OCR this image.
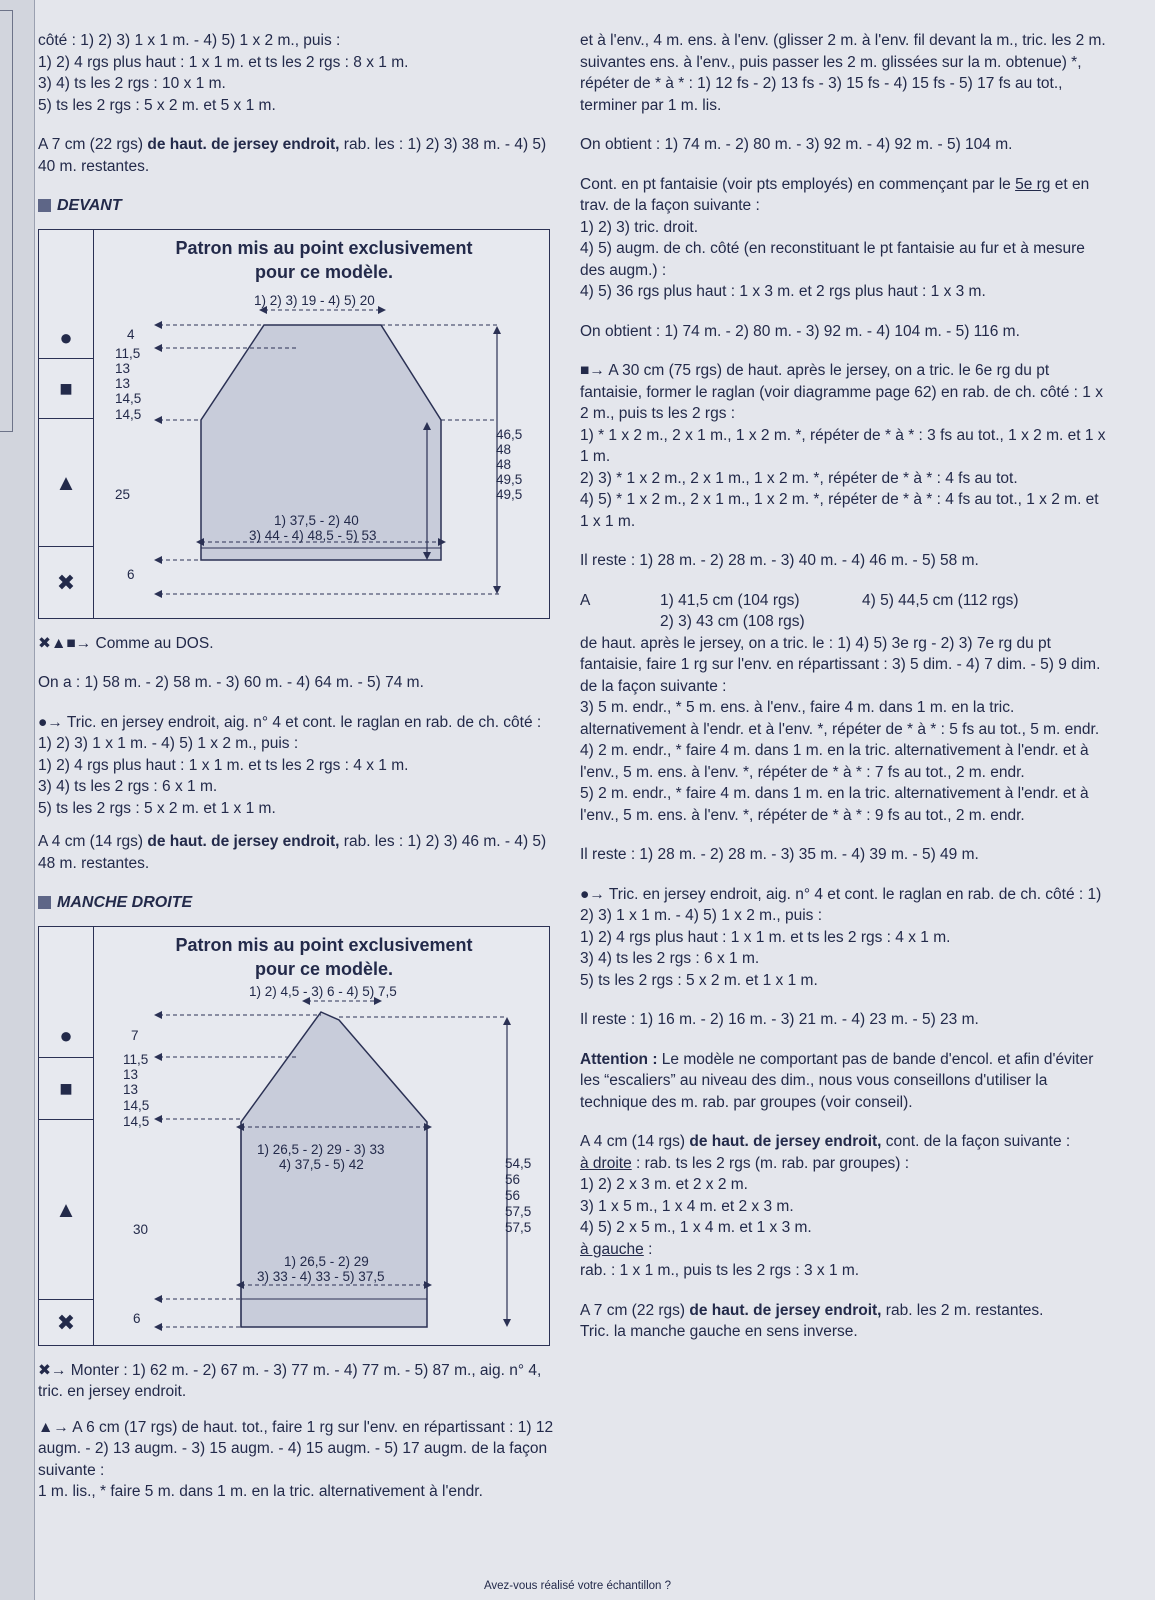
côté : 1) 2) 3) 1 x 1 m. - 4) 5) 1 x 2 m., puis :
1) 2) 4 rgs plus haut : 1 x 1 m. et ts les 2 rgs : 8 x 1 m.
3) 4) ts les 2 rgs : 10 x 1 m.
5) ts les 2 rgs : 5 x 2 m. et 5 x 1 m.

A 7 cm (22 rgs) de haut. de jersey endroit, rab. les : 1) 2) 3) 38 m. - 4) 5) 40 m. restantes.

DEVANT
●
■
▲
✖
Patron mis au point exclusivement
pour ce modèle.
1) 2) 3) 19 - 4) 5) 20
4
11,5
13
13
14,5
14,5
25
6
46,5
48
48
49,5
49,5
1) 37,5 - 2) 40
3) 44 - 4) 48,5 - 5) 53

✖▲■→ Comme au DOS.

On a : 1) 58 m. - 2) 58 m. - 3) 60 m. - 4) 64 m. - 5) 74 m.

●→ Tric. en jersey endroit, aig. n° 4 et cont. le raglan en rab. de ch. côté : 1) 2) 3) 1 x 1 m. - 4) 5) 1 x 2 m., puis :
1) 2) 4 rgs plus haut : 1 x 1 m. et ts les 2 rgs : 4 x 1 m.
3) 4) ts les 2 rgs : 6 x 1 m.
5) ts les 2 rgs : 5 x 2 m. et 1 x 1 m.

A 4 cm (14 rgs) de haut. de jersey endroit, rab. les : 1) 2) 3) 46 m. - 4) 5) 48 m. restantes.

MANCHE DROITE
●
■
▲
✖
Patron mis au point exclusivement
pour ce modèle.
1) 2) 4,5 - 3) 6 - 4) 5) 7,5
7
11,5
13
13
14,5
14,5
30
6
54,5
56
56
57,5
57,5
1) 26,5 - 2) 29 - 3) 33
4) 37,5 - 5) 42
1) 26,5 - 2) 29
3) 33 - 4) 33 - 5) 37,5
✖→ Monter : 1) 62 m. - 2) 67 m. - 3) 77 m. - 4) 77 m. - 5) 87 m., aig. n° 4, tric. en jersey endroit.
▲→ A 6 cm (17 rgs) de haut. tot., faire 1 rg sur l'env. en répartissant : 1) 12 augm. - 2) 13 augm. - 3) 15 augm. - 4) 15 augm. - 5) 17 augm. de la façon suivante :
1 m. lis., * faire 5 m. dans 1 m. en la tric. alternativement à l'endr.

et à l'env., 4 m. ens. à l'env. (glisser 2 m. à l'env. fil devant la m., tric. les 2 m. suivantes ens. à l'env., puis passer les 2 m. glissées sur la m. obtenue) *, répéter de * à * : 1) 12 fs - 2) 13 fs - 3) 15 fs - 4) 15 fs - 5) 17 fs au tot., terminer par 1 m. lis.

On obtient : 1) 74 m. - 2) 80 m. - 3) 92 m. - 4) 92 m. - 5) 104 m.

Cont. en pt fantaisie (voir pts employés) en commençant par le 5e rg et en trav. de la façon suivante :
1) 2) 3) tric. droit.
4) 5) augm. de ch. côté (en reconstituant le pt fantaisie au fur et à mesure des augm.) :
4) 5) 36 rgs plus haut : 1 x 3 m. et 2 rgs plus haut : 1 x 3 m.

On obtient : 1) 74 m. - 2) 80 m. - 3) 92 m. - 4) 104 m. - 5) 116 m.

■→ A 30 cm (75 rgs) de haut. après le jersey, on a tric. le 6e rg du pt fantaisie, former le raglan (voir diagramme page 62) en rab. de ch. côté : 1 x 2 m., puis ts les 2 rgs :
1) * 1 x 2 m., 2 x 1 m., 1 x 2 m. *, répéter de * à * : 3 fs au tot., 1 x 2 m. et 1 x 1 m.
2) 3) * 1 x 2 m., 2 x 1 m., 1 x 2 m. *, répéter de * à * : 4 fs au tot.
4) 5) * 1 x 2 m., 2 x 1 m., 1 x 2 m. *, répéter de * à * : 4 fs au tot., 1 x 2 m. et 1 x 1 m.

Il reste : 1) 28 m. - 2) 28 m. - 3) 40 m. - 4) 46 m. - 5) 58 m.

A	1) 41,5 cm (104 rgs)	4) 5) 44,5 cm (112 rgs)
2) 3) 43 cm (108 rgs)
de haut. après le jersey, on a tric. le : 1) 4) 5) 3e rg - 2) 3) 7e rg du pt fantaisie, faire 1 rg sur l'env. en répartissant : 3) 5 dim. - 4) 7 dim. - 5) 9 dim. de la façon suivante :
3) 5 m. endr., * 5 m. ens. à l'env., faire 4 m. dans 1 m. en la tric. alternativement à l'endr. et à l'env. *, répéter de * à * : 5 fs au tot., 5 m. endr.
4) 2 m. endr., * faire 4 m. dans 1 m. en la tric. alternativement à l'endr. et à l'env., 5 m. ens. à l'env. *, répéter de * à * : 7 fs au tot., 2 m. endr.
5) 2 m. endr., * faire 4 m. dans 1 m. en la tric. alternativement à l'endr. et à l'env., 5 m. ens. à l'env. *, répéter de * à * : 9 fs au tot., 2 m. endr.

Il reste : 1) 28 m. - 2) 28 m. - 3) 35 m. - 4) 39 m. - 5) 49 m.

●→ Tric. en jersey endroit, aig. n° 4 et cont. le raglan en rab. de ch. côté : 1) 2) 3) 1 x 1 m. - 4) 5) 1 x 2 m., puis :
1) 2) 4 rgs plus haut : 1 x 1 m. et ts les 2 rgs : 4 x 1 m.
3) 4) ts les 2 rgs : 6 x 1 m.
5) ts les 2 rgs : 5 x 2 m. et 1 x 1 m.

Il reste : 1) 16 m. - 2) 16 m. - 3) 21 m. - 4) 23 m. - 5) 23 m.

Attention : Le modèle ne comportant pas de bande d'encol. et afin d'éviter les “escaliers” au niveau des dim., nous vous conseillons d'utiliser la technique des m. rab. par groupes (voir conseil).

A 4 cm (14 rgs) de haut. de jersey endroit, cont. de la façon suivante :
à droite : rab. ts les 2 rgs (m. rab. par groupes) :
1) 2) 2 x 3 m. et 2 x 2 m.
3) 1 x 5 m., 1 x 4 m. et 2 x 3 m.
4) 5) 2 x 5 m., 1 x 4 m. et 1 x 3 m.
à gauche :
rab. : 1 x 1 m., puis ts les 2 rgs : 3 x 1 m.
A 7 cm (22 rgs) de haut. de jersey endroit, rab. les 2 m. restantes.
Tric. la manche gauche en sens inverse.
Avez-vous réalisé votre échantillon ?
